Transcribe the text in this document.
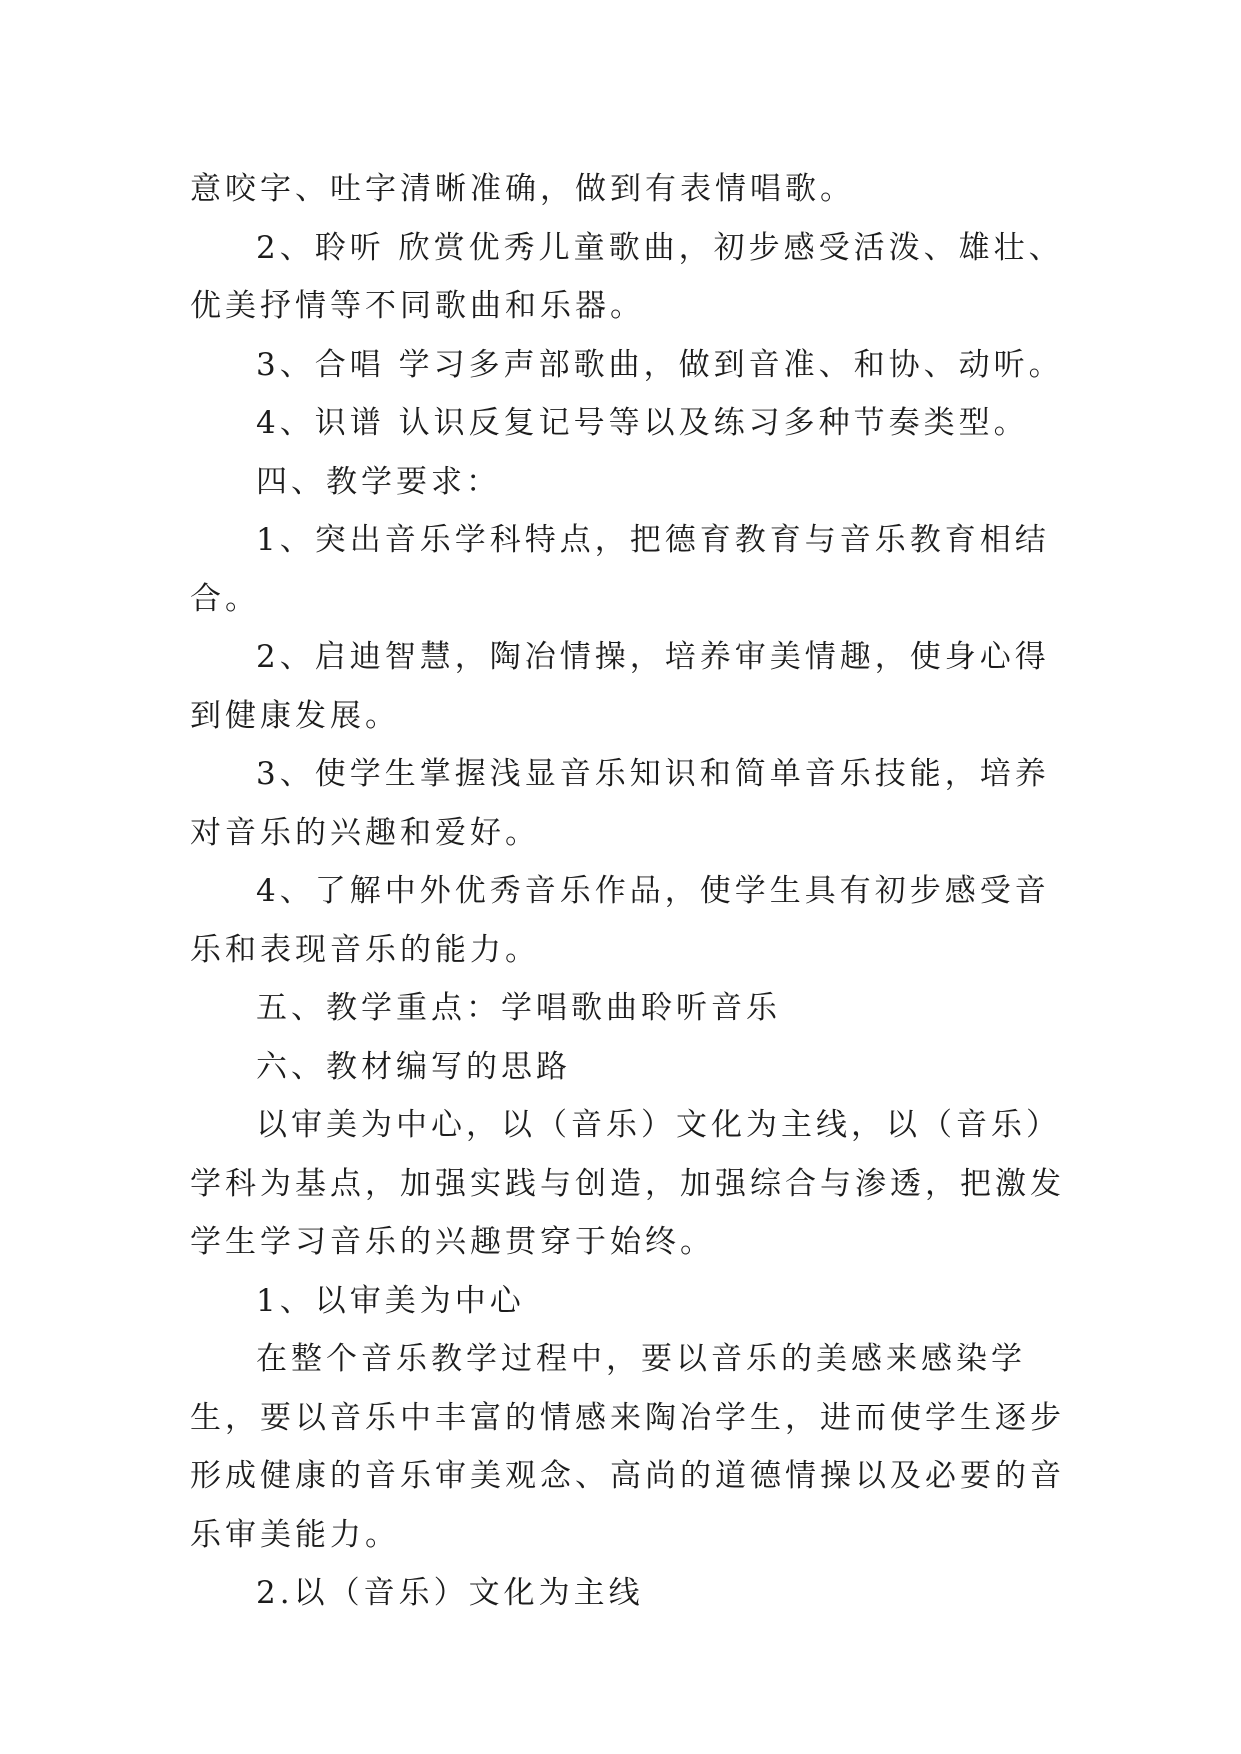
意咬字、吐字清晰准确，做到有表情唱歌。

2、聆听 欣赏优秀儿童歌曲，初步感受活泼、雄壮、优美抒情等不同歌曲和乐器。

3、合唱 学习多声部歌曲，做到音准、和协、动听。

4、识谱 认识反复记号等以及练习多种节奏类型。

四、教学要求：

1、突出音乐学科特点，把德育教育与音乐教育相结合。

2、启迪智慧，陶冶情操，培养审美情趣，使身心得到健康发展。

3、使学生掌握浅显音乐知识和简单音乐技能，培养对音乐的兴趣和爱好。

4、了解中外优秀音乐作品，使学生具有初步感受音乐和表现音乐的能力。

五、教学重点：学唱歌曲聆听音乐

六、教材编写的思路

以审美为中心，以（音乐）文化为主线，以（音乐）学科为基点，加强实践与创造，加强综合与渗透，把激发学生学习音乐的兴趣贯穿于始终。

1、以审美为中心

在整个音乐教学过程中，要以音乐的美感来感染学生，要以音乐中丰富的情感来陶冶学生，进而使学生逐步形成健康的音乐审美观念、高尚的道德情操以及必要的音乐审美能力。

2.以（音乐）文化为主线
